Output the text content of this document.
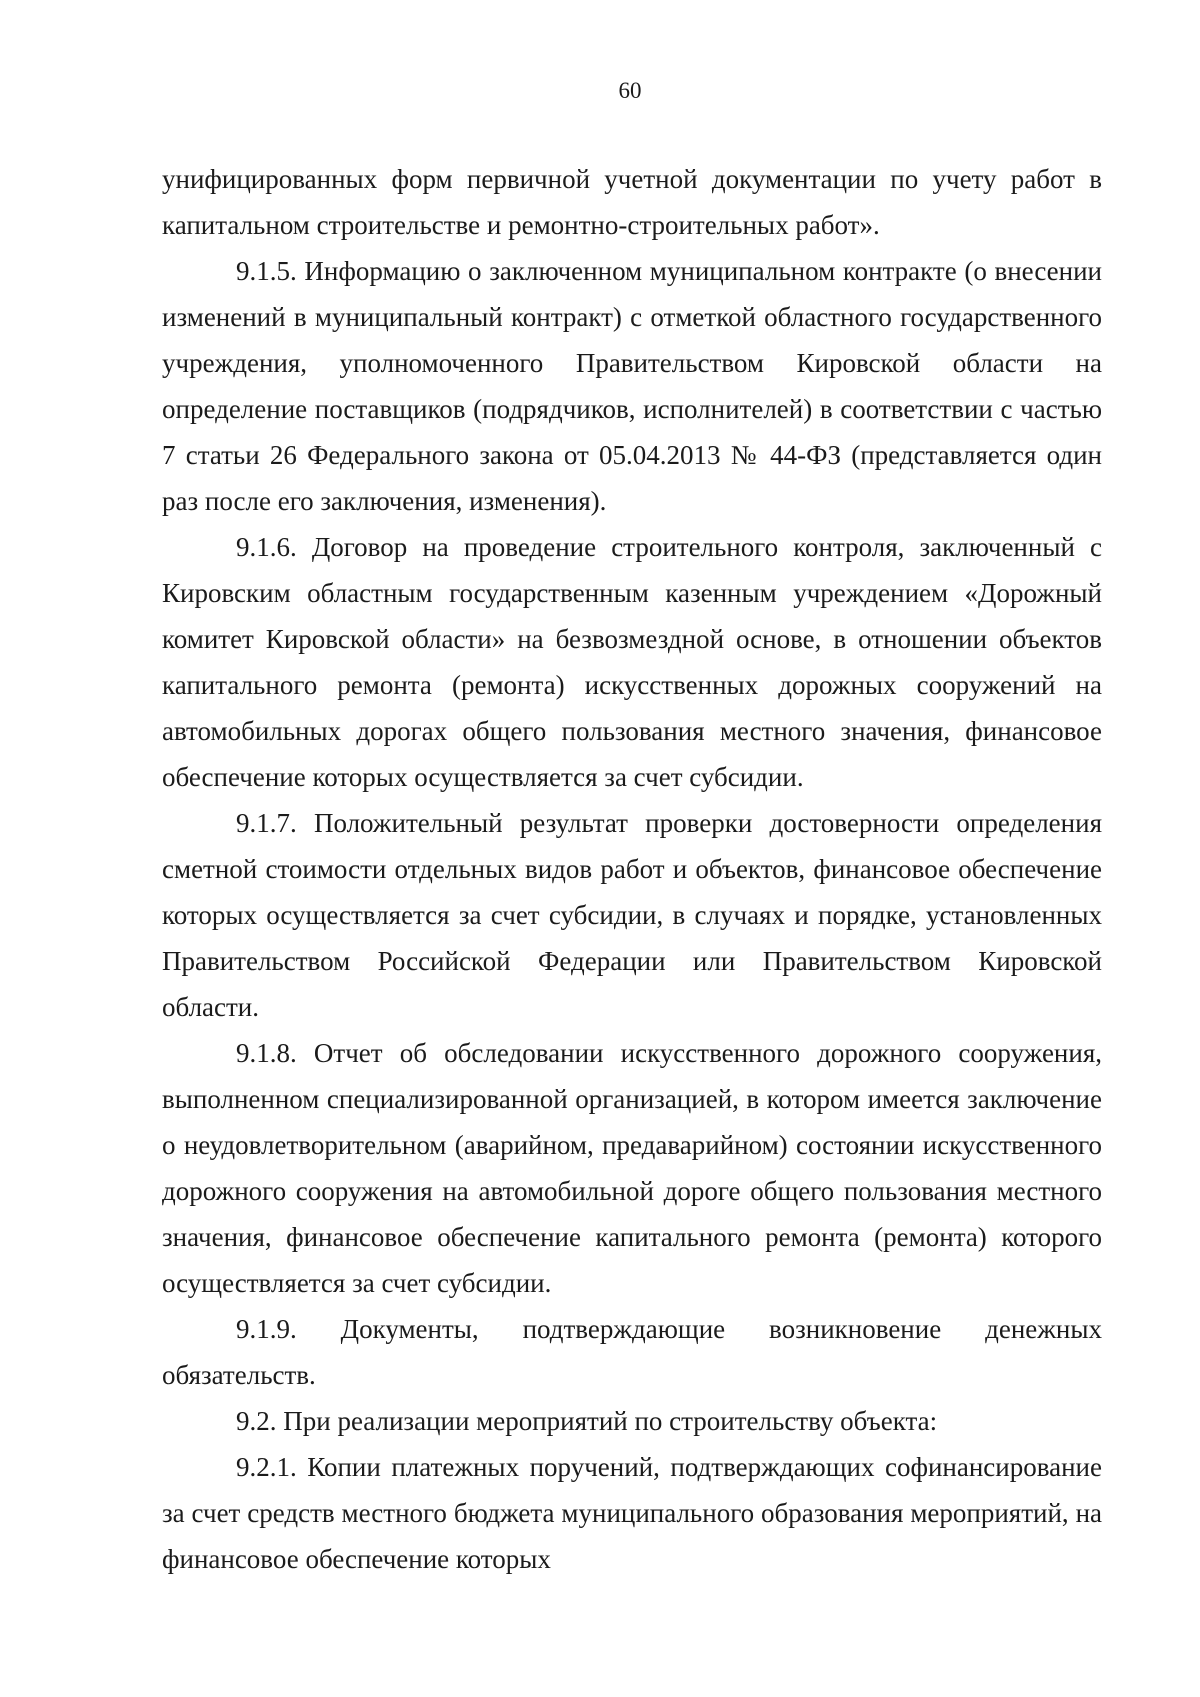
60

унифицированных форм первичной учетной документации по учету работ в капитальном строительстве и ремонтно-строительных работ».

9.1.5. Информацию о заключенном муниципальном контракте (о внесении изменений в муниципальный контракт) с отметкой областного государственного учреждения, уполномоченного Правительством Кировской области на определение поставщиков (подрядчиков, исполнителей) в соответствии с частью 7 статьи 26 Федерального закона от 05.04.2013 № 44-ФЗ (представляется один раз после его заключения, изменения).

9.1.6. Договор на проведение строительного контроля, заключенный с Кировским областным государственным казенным учреждением «Дорожный комитет Кировской области» на безвозмездной основе, в отношении объектов капитального ремонта (ремонта) искусственных дорожных сооружений на автомобильных дорогах общего пользования местного значения, финансовое обеспечение которых осуществляется за счет субсидии.

9.1.7. Положительный результат проверки достоверности определения сметной стоимости отдельных видов работ и объектов, финансовое обеспечение которых осуществляется за счет субсидии, в случаях и порядке, установленных Правительством Российской Федерации или Правительством Кировской области.

9.1.8. Отчет об обследовании искусственного дорожного сооружения, выполненном специализированной организацией, в котором имеется заключение о неудовлетворительном (аварийном, предаварийном) состоянии искусственного дорожного сооружения на автомобильной дороге общего пользования местного значения, финансовое обеспечение капитального ремонта (ремонта) которого осуществляется за счет субсидии.

9.1.9. Документы, подтверждающие возникновение денежных обязательств.

9.2. При реализации мероприятий по строительству объекта:

9.2.1. Копии платежных поручений, подтверждающих софинансирование за счет средств местного бюджета муниципального образования мероприятий, на финансовое обеспечение которых
